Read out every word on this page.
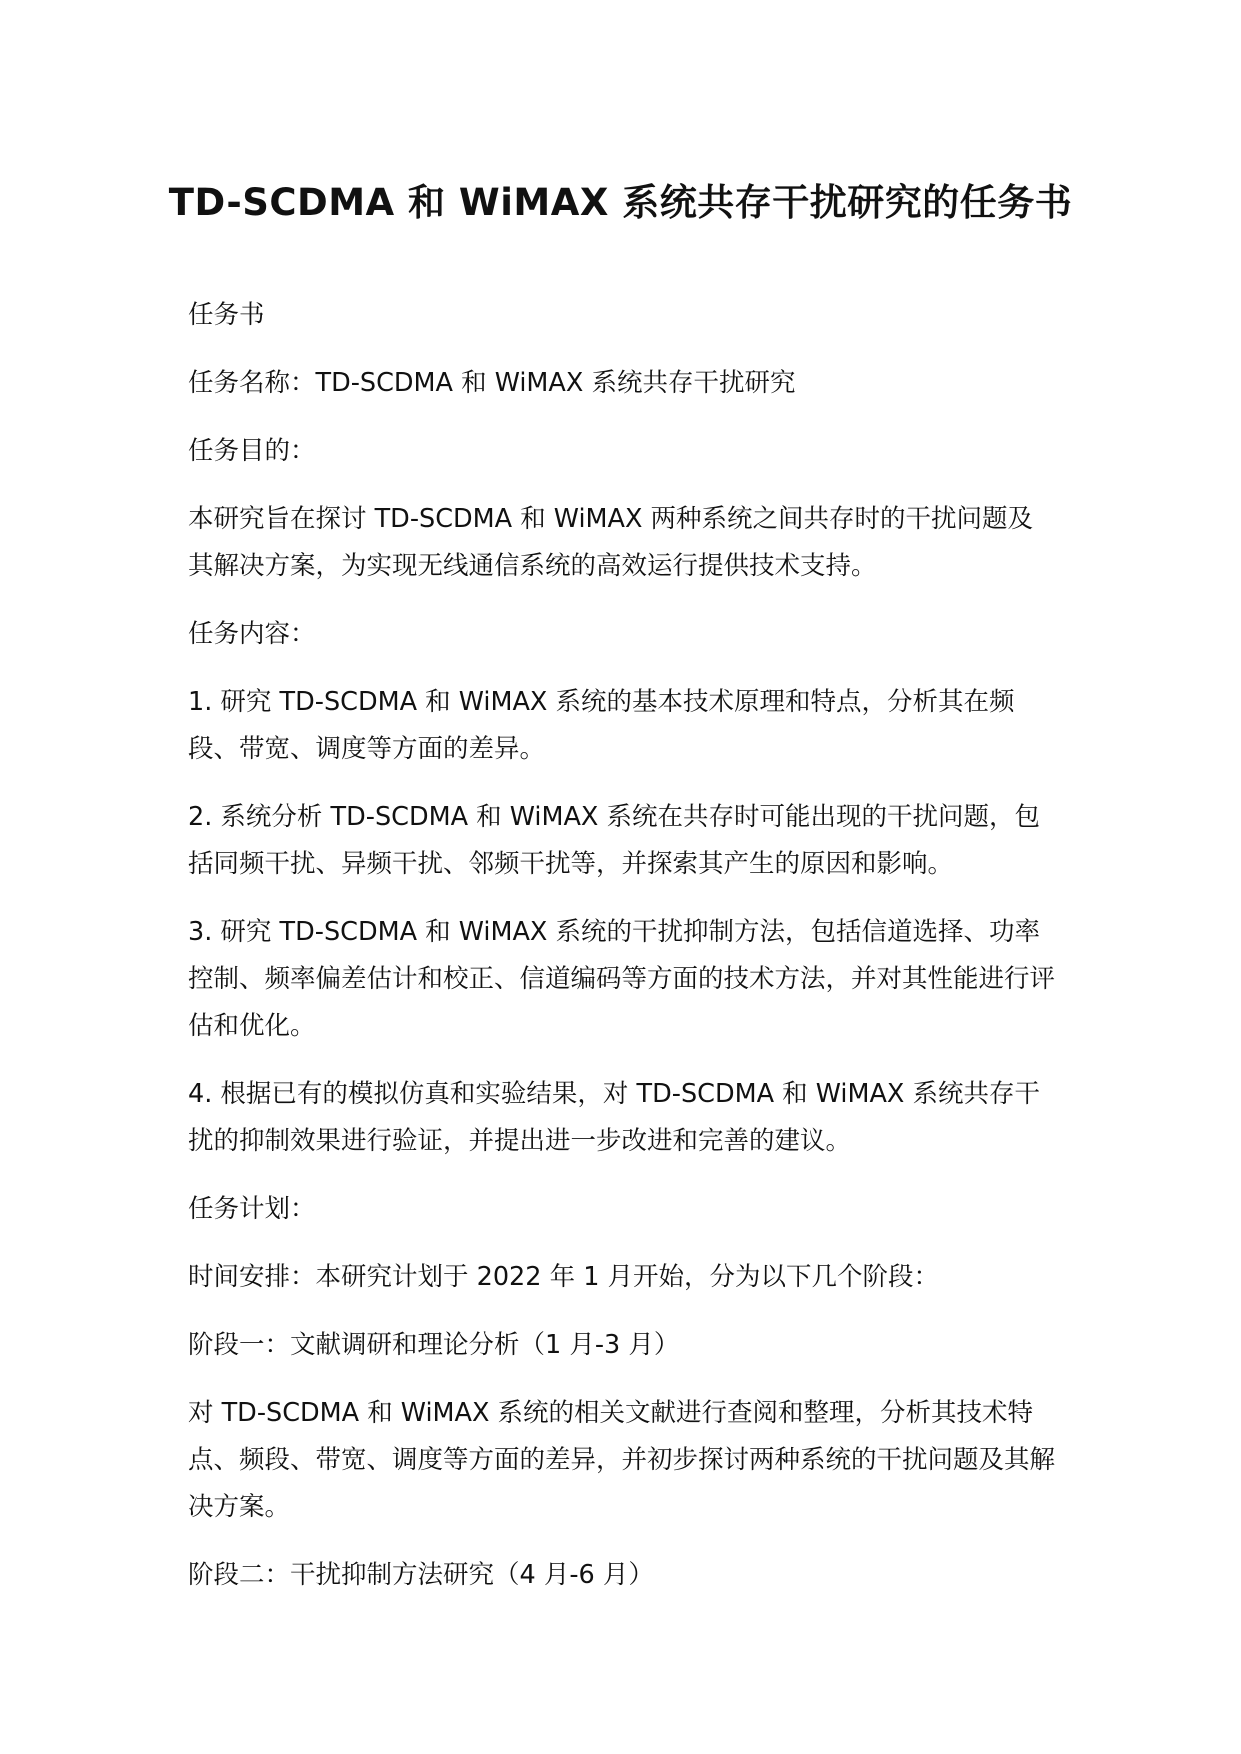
TD-SCDMA 和 WiMAX 系统共存干扰研究的任务书

任务书

任务名称：TD-SCDMA 和 WiMAX 系统共存干扰研究

任务目的：

本研究旨在探讨 TD-SCDMA 和 WiMAX 两种系统之间共存时的干扰问题及其解决方案，为实现无线通信系统的高效运行提供技术支持。

任务内容：

1. 研究 TD-SCDMA 和 WiMAX 系统的基本技术原理和特点，分析其在频段、带宽、调度等方面的差异。

2. 系统分析 TD-SCDMA 和 WiMAX 系统在共存时可能出现的干扰问题，包括同频干扰、异频干扰、邻频干扰等，并探索其产生的原因和影响。

3. 研究 TD-SCDMA 和 WiMAX 系统的干扰抑制方法，包括信道选择、功率控制、频率偏差估计和校正、信道编码等方面的技术方法，并对其性能进行评估和优化。

4. 根据已有的模拟仿真和实验结果，对 TD-SCDMA 和 WiMAX 系统共存干扰的抑制效果进行验证，并提出进一步改进和完善的建议。

任务计划：

时间安排：本研究计划于 2022 年 1 月开始，分为以下几个阶段：

阶段一：文献调研和理论分析（1 月-3 月）

对 TD-SCDMA 和 WiMAX 系统的相关文献进行查阅和整理，分析其技术特点、频段、带宽、调度等方面的差异，并初步探讨两种系统的干扰问题及其解决方案。

阶段二：干扰抑制方法研究（4 月-6 月）
